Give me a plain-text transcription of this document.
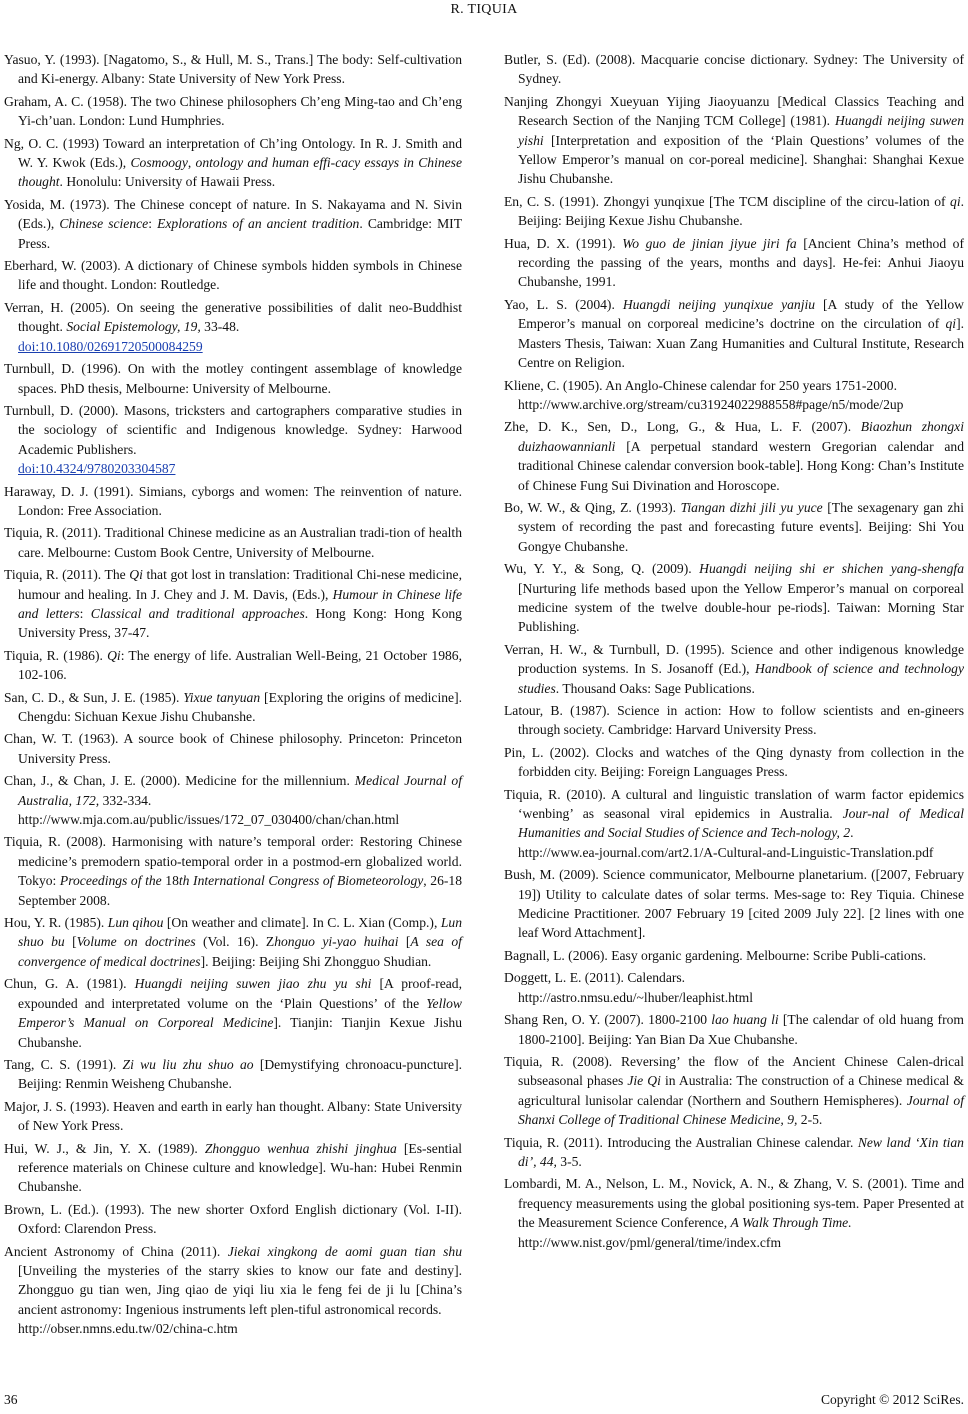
R. TIQUIA
Yasuo, Y. (1993). [Nagatomo, S., & Hull, M. S., Trans.] The body: Self-cultivation and Ki-energy. Albany: State University of New York Press.
Graham, A. C. (1958). The two Chinese philosophers Ch’eng Ming-tao and Ch’eng Yi-ch’uan. London: Lund Humphries.
Ng, O. C. (1993) Toward an interpretation of Ch’ing Ontology. In R. J. Smith and W. Y. Kwok (Eds.), Cosmoogy, ontology and human effi-cacy essays in Chinese thought. Honolulu: University of Hawaii Press.
Yosida, M. (1973). The Chinese concept of nature. In S. Nakayama and N. Sivin (Eds.), Chinese science: Explorations of an ancient tradition. Cambridge: MIT Press.
Eberhard, W. (2003). A dictionary of Chinese symbols hidden symbols in Chinese life and thought. London: Routledge.
Verran, H. (2005). On seeing the generative possibilities of dalit neo-Buddhist thought. Social Epistemology, 19, 33-48.
doi:10.1080/02691720500084259
Turnbull, D. (1996). On with the motley contingent assemblage of knowledge spaces. PhD thesis, Melbourne: University of Melbourne.
Turnbull, D. (2000). Masons, tricksters and cartographers comparative studies in the sociology of scientific and Indigenous knowledge. Sydney: Harwood Academic Publishers.
doi:10.4324/9780203304587
Haraway, D. J. (1991). Simians, cyborgs and women: The reinvention of nature. London: Free Association.
Tiquia, R. (2011). Traditional Chinese medicine as an Australian tradi-tion of health care. Melbourne: Custom Book Centre, University of Melbourne.
Tiquia, R. (2011). The Qi that got lost in translation: Traditional Chi-nese medicine, humour and healing. In J. Chey and J. M. Davis, (Eds.), Humour in Chinese life and letters: Classical and traditional approaches. Hong Kong: Hong Kong University Press, 37-47.
Tiquia, R. (1986). Qi: The energy of life. Australian Well-Being, 21 October 1986, 102-106.
San, C. D., & Sun, J. E. (1985). Yixue tanyuan [Exploring the origins of medicine]. Chengdu: Sichuan Kexue Jishu Chubanshe.
Chan, W. T. (1963). A source book of Chinese philosophy. Princeton: Princeton University Press.
Chan, J., & Chan, J. E. (2000). Medicine for the millennium. Medical Journal of Australia, 172, 332-334.
http://www.mja.com.au/public/issues/172_07_030400/chan/chan.html
Tiquia, R. (2008). Harmonising with nature’s temporal order: Restoring Chinese medicine’s premodern spatio-temporal order in a postmod-ern globalized world. Tokyo: Proceedings of the 18th International Congress of Biometeorology, 26-18 September 2008.
Hou, Y. R. (1985). Lun qihou [On weather and climate]. In C. L. Xian (Comp.), Lun shuo bu [Volume on doctrines (Vol. 16). Zhonguo yi-yao huihai [A sea of convergence of medical doctrines]. Beijing: Beijing Shi Zhongguo Shudian.
Chun, G. A. (1981). Huangdi neijing suwen jiao zhu yu shi [A proof-read, expounded and interpretated volume on the ‘Plain Questions’ of the Yellow Emperor’s Manual on Corporeal Medicine]. Tianjin: Tianjin Kexue Jishu Chubanshe.
Tang, C. S. (1991). Zi wu liu zhu shuo ao [Demystifying chronoacu-puncture]. Beijing: Renmin Weisheng Chubanshe.
Major, J. S. (1993). Heaven and earth in early han thought. Albany: State University of New York Press.
Hui, W. J., & Jin, Y. X. (1989). Zhongguo wenhua zhishi jinghua [Es-sential reference materials on Chinese culture and knowledge]. Wu-han: Hubei Renmin Chubanshe.
Brown, L. (Ed.). (1993). The new shorter Oxford English dictionary (Vol. I-II). Oxford: Clarendon Press.
Ancient Astronomy of China (2011). Jiekai xingkong de aomi guan tian shu [Unveiling the mysteries of the starry skies to know our fate and destiny]. Zhongguo gu tian wen, Jing qiao de yiqi liu xia le feng fei de ji lu [China’s ancient astronomy: Ingenious instruments left plen-tiful astronomical records.
http://obser.nmns.edu.tw/02/china-c.htm
Butler, S. (Ed). (2008). Macquarie concise dictionary. Sydney: The University of Sydney.
Nanjing Zhongyi Xueyuan Yijing Jiaoyuanzu [Medical Classics Teaching and Research Section of the Nanjing TCM College] (1981). Huangdi neijing suwen yishi [Interpretation and exposition of the ‘Plain Questions’ volumes of the Yellow Emperor’s manual on cor-poreal medicine]. Shanghai: Shanghai Kexue Jishu Chubanshe.
En, C. S. (1991). Zhongyi yunqixue [The TCM discipline of the circu-lation of qi. Beijing: Beijing Kexue Jishu Chubanshe.
Hua, D. X. (1991). Wo guo de jinian jiyue jiri fa [Ancient China’s method of recording the passing of the years, months and days]. He-fei: Anhui Jiaoyu Chubanshe, 1991.
Yao, L. S. (2004). Huangdi neijing yunqixue yanjiu [A study of the Yellow Emperor’s manual on corporeal medicine’s doctrine on the circulation of qi]. Masters Thesis, Taiwan: Xuan Zang Humanities and Cultural Institute, Research Centre on Religion.
Kliene, C. (1905). An Anglo-Chinese calendar for 250 years 1751-2000.
http://www.archive.org/stream/cu31924022988558#page/n5/mode/2up
Zhe, D. K., Sen, D., Long, G., & Hua, L. F. (2007). Biaozhun zhongxi duizhaowannianli [A perpetual standard western Gregorian calendar and traditional Chinese calendar conversion book-table]. Hong Kong: Chan’s Institute of Chinese Fung Sui Divination and Horoscope.
Bo, W. W., & Qing, Z. (1993). Tiangan dizhi jili yu yuce [The sexagenary gan zhi system of recording the past and forecasting future events]. Beijing: Shi You Gongye Chubanshe.
Wu, Y. Y., & Song, Q. (2009). Huangdi neijing shi er shichen yang-shengfa [Nurturing life methods based upon the Yellow Emperor’s manual on corporeal medicine system of the twelve double-hour pe-riods]. Taiwan: Morning Star Publishing.
Verran, H. W., & Turnbull, D. (1995). Science and other indigenous knowledge production systems. In S. Josanoff (Ed.), Handbook of science and technology studies. Thousand Oaks: Sage Publications.
Latour, B. (1987). Science in action: How to follow scientists and en-gineers through society. Cambridge: Harvard University Press.
Pin, L. (2002). Clocks and watches of the Qing dynasty from collection in the forbidden city. Beijing: Foreign Languages Press.
Tiquia, R. (2010). A cultural and linguistic translation of warm factor epidemics ‘wenbing’ as seasonal viral epidemics in Australia. Jour-nal of Medical Humanities and Social Studies of Science and Tech-nology, 2.
http://www.ea-journal.com/art2.1/A-Cultural-and-Linguistic-Translation.pdf
Bush, M. (2009). Science communicator, Melbourne planetarium. ([2007, February 19]) Utility to calculate dates of solar terms. Mes-sage to: Rey Tiquia. Chinese Medicine Practitioner. 2007 February 19 [cited 2009 July 22]. [2 lines with one leaf Word Attachment].
Bagnall, L. (2006). Easy organic gardening. Melbourne: Scribe Publi-cations.
Doggett, L. E. (2011). Calendars.
http://astro.nmsu.edu/~lhuber/leaphist.html
Shang Ren, O. Y. (2007). 1800-2100 lao huang li [The calendar of old huang from 1800-2100]. Beijing: Yan Bian Da Xue Chubanshe.
Tiquia, R. (2008). Reversing’ the flow of the Ancient Chinese Calen-drical subseasonal phases Jie Qi in Australia: The construction of a Chinese medical & agricultural lunisolar calendar (Northern and Southern Hemispheres). Journal of Shanxi College of Traditional Chinese Medicine, 9, 2-5.
Tiquia, R. (2011). Introducing the Australian Chinese calendar. New land ‘Xin tian di’, 44, 3-5.
Lombardi, M. A., Nelson, L. M., Novick, A. N., & Zhang, V. S. (2001). Time and frequency measurements using the global positioning sys-tem. Paper Presented at the Measurement Science Conference, A Walk Through Time.
http://www.nist.gov/pml/general/time/index.cfm
36	Copyright © 2012 SciRes.
